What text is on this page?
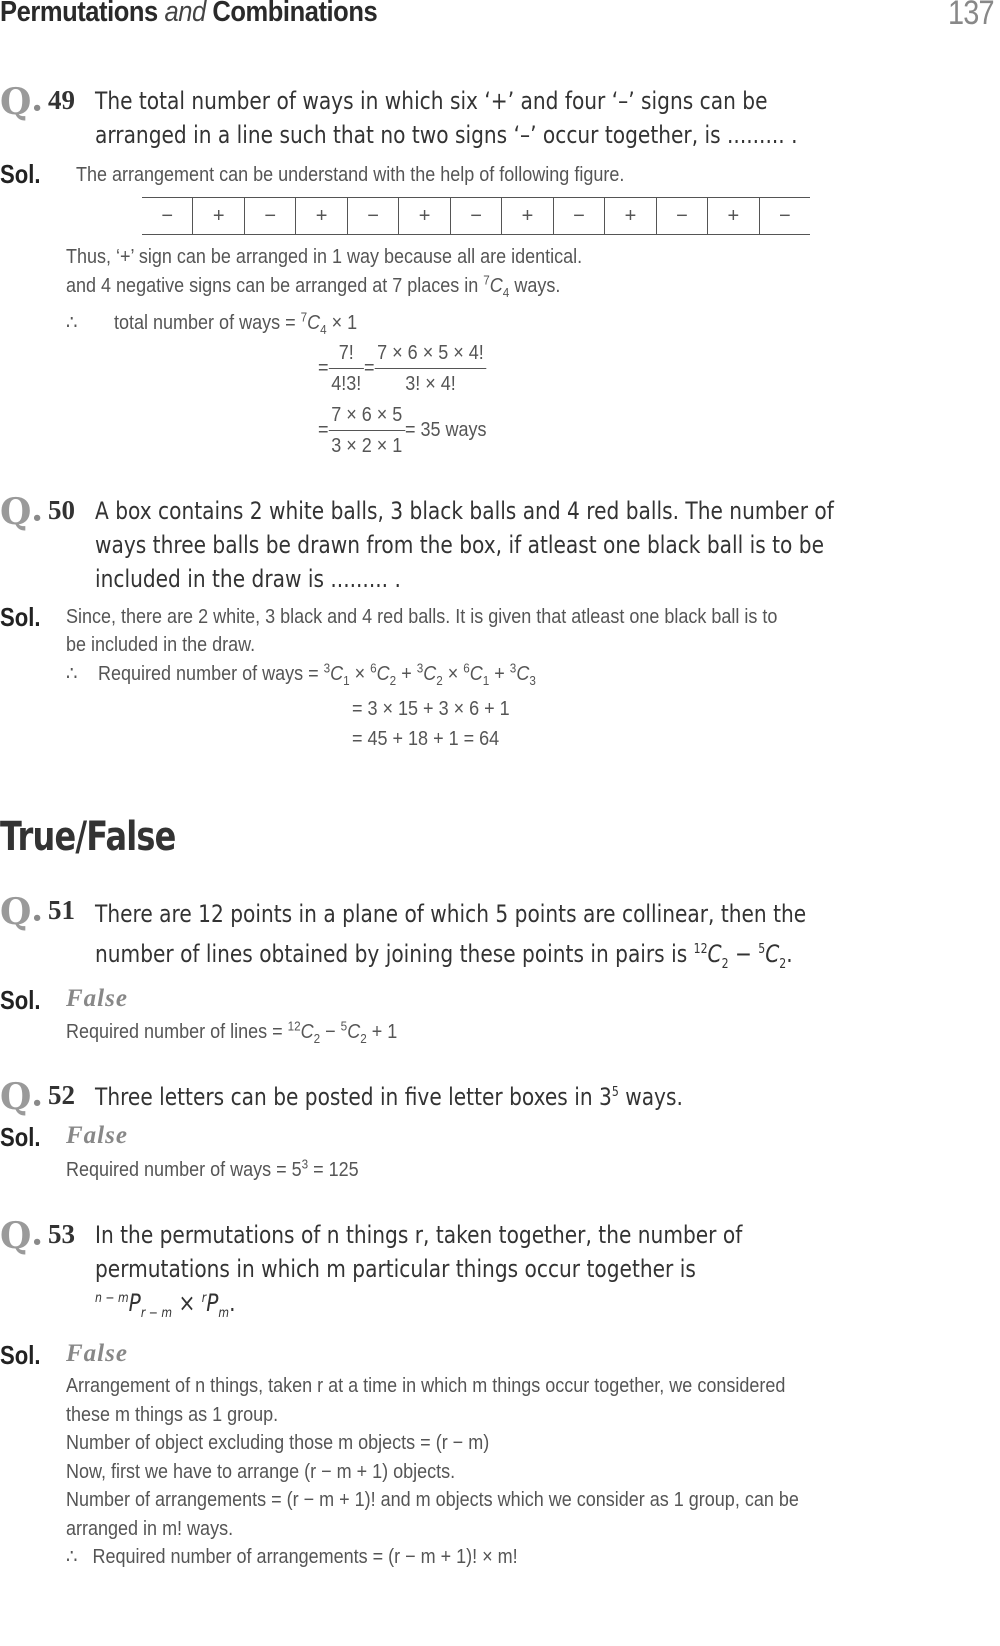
Permutations and Combinations	137
Q• 49 The total number of ways in which six ‘+’ and four ‘–’ signs can be
arranged in a line such that no two signs ‘–’ occur together, is ......... .
Sol. The arrangement can be understand with the help of following figure.
−	+	−	+	−	+	−	+	−	+	−	+	−
Thus, ‘+’ sign can be arranged in 1 way because all are identical.
and 4 negative signs can be arranged at 7 places in $^7C_4$ ways.
∴ total number of ways = $^7C_4 \times 1$
= $\frac{7!}{4!3!} = \frac{7 \times 6 \times 5 \times 4!}{3! \times 4!}$
= $\frac{7 \times 6 \times 5}{3 \times 2 \times 1} = 35$ ways
Q• 50 A box contains 2 white balls, 3 black balls and 4 red balls. The number of
ways three balls be drawn from the box, if atleast one black ball is to be
included in the draw is ......... .
Sol. Since, there are 2 white, 3 black and 4 red balls. It is given that atleast one black ball is to
be included in the draw.
∴ Required number of ways = $^3C_1 \times ^6C_2 + ^3C_2 \times ^6C_1 + ^3C_3$
= 3 × 15 + 3 × 6 + 1
= 45 + 18 + 1 = 64
True/False
Q• 51 There are 12 points in a plane of which 5 points are collinear, then the
number of lines obtained by joining these points in pairs is $^{12}C_2 - ^5C_2$.
Sol. False
Required number of lines = $^{12}C_2 - ^5C_2 + 1$
Q• 52 Three letters can be posted in five letter boxes in $3^5$ ways.
Sol. False
Required number of ways = $5^3 = 125$
Q• 53 In the permutations of n things r, taken together, the number of
permutations in which m particular things occur together is
$^{n - m}P_{r - m} \times ^rP_m$.
Sol. False
Arrangement of n things, taken r at a time in which m things occur together, we considered
these m things as 1 group.
Number of object excluding those m objects = (r − m)
Now, first we have to arrange (r − m + 1) objects.
Number of arrangements = (r − m + 1)! and m objects which we consider as 1 group, can be
arranged in m! ways.
∴ Required number of arrangements = (r − m + 1)! × m!
